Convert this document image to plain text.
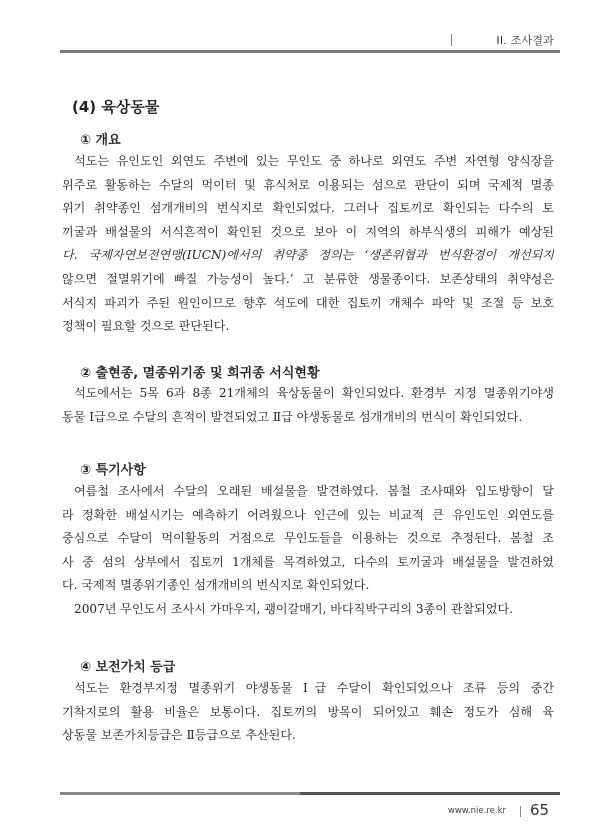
II. 조사결과
(4) 육상동물
① 개요
석도는 유인도인 외연도 주변에 있는 무인도 중 하나로 외연도 주변 자연형 양식장을
위주로 활동하는 수달의 먹이터 및 휴식처로 이용되는 섬으로 판단이 되며 국제적 멸종
위기 취약종인 섬개개비의 번식지로 확인되었다. 그러나 집토끼로 확인되는 다수의 토
끼굴과 배설물의 서식흔적이 확인된 것으로 보아 이 지역의 하부식생의 피해가 예상된
다. 국제자연보전연맹(IUCN)에서의 취약종 정의는 ‘생존위협과 번식환경이 개선되지
않으면 절멸위기에 빠질 가능성이 높다.’ 고 분류한 생물종이다. 보존상태의 취약성은
서식지 파괴가 주된 원인이므로 향후 석도에 대한 집토끼 개체수 파악 및 조절 등 보호
정책이 필요할 것으로 판단된다.
② 출현종, 멸종위기종 및 희귀종 서식현황
석도에서는 5목 6과 8종 21개체의 육상동물이 확인되었다. 환경부 지정 멸종위기야생
동물 Ⅰ급으로 수달의 흔적이 발견되었고 Ⅱ급 야생동물로 섬개개비의 번식이 확인되었다.
③ 특기사항
여름철 조사에서 수달의 오래된 배설물을 발견하였다. 봄철 조사때와 입도방향이 달
라 정확한 배설시기는 예측하기 어려웠으나 인근에 있는 비교적 큰 유인도인 외연도를
중심으로 수달이 먹이활동의 거점으로 무인도들을 이용하는 것으로 추정된다. 봄철 조
사 중 섬의 상부에서 집토끼 1개체를 목격하였고, 다수의 토끼굴과 배설물을 발견하였
다. 국제적 멸종위기종인 섬개개비의 번식지로 확인되었다.
2007년 무인도서 조사시 가마우지, 괭이갈매기, 바다직박구리의 3종이 관찰되었다.
④ 보전가치 등급
석도는 환경부지정 멸종위기 야생동물 Ⅰ급 수달이 확인되었으나 조류 등의 중간
기착지로의 활용 비율은 보통이다. 집토끼의 방목이 되어있고 훼손 정도가 심해 육
상동물 보존가치등급은 Ⅱ등급으로 추산된다.
www.nie.re.kr 65
